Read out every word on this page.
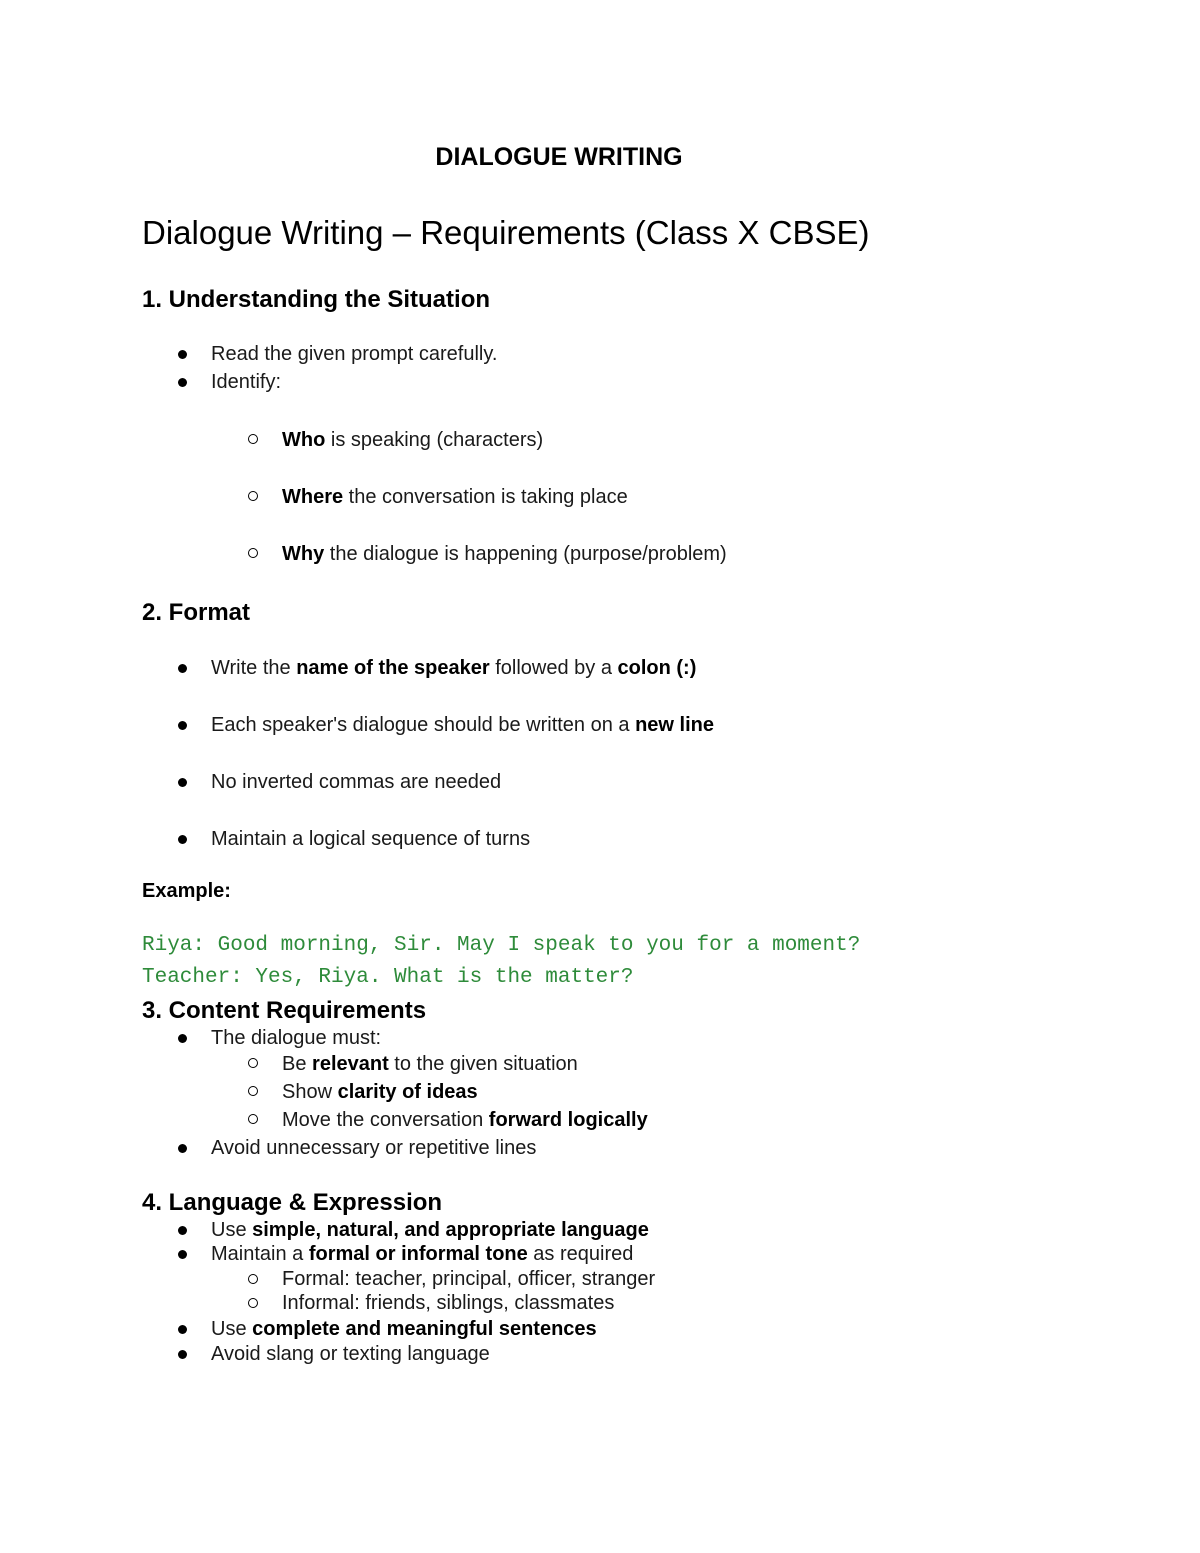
DIALOGUE WRITING

Dialogue Writing – Requirements (Class X CBSE)

1. Understanding the Situation

Read the given prompt carefully.

Identify:

Who is speaking (characters)

Where the conversation is taking place

Why the dialogue is happening (purpose/problem)

2. Format

Write the name of the speaker followed by a colon (:)

Each speaker's dialogue should be written on a new line

No inverted commas are needed

Maintain a logical sequence of turns

Example:

Riya: Good morning, Sir. May I speak to you for a moment?

Teacher: Yes, Riya. What is the matter?

3. Content Requirements

The dialogue must:

Be relevant to the given situation

Show clarity of ideas

Move the conversation forward logically

Avoid unnecessary or repetitive lines

4. Language & Expression

Use simple, natural, and appropriate language

Maintain a formal or informal tone as required

Formal: teacher, principal, officer, stranger

Informal: friends, siblings, classmates

Use complete and meaningful sentences

Avoid slang or texting language
